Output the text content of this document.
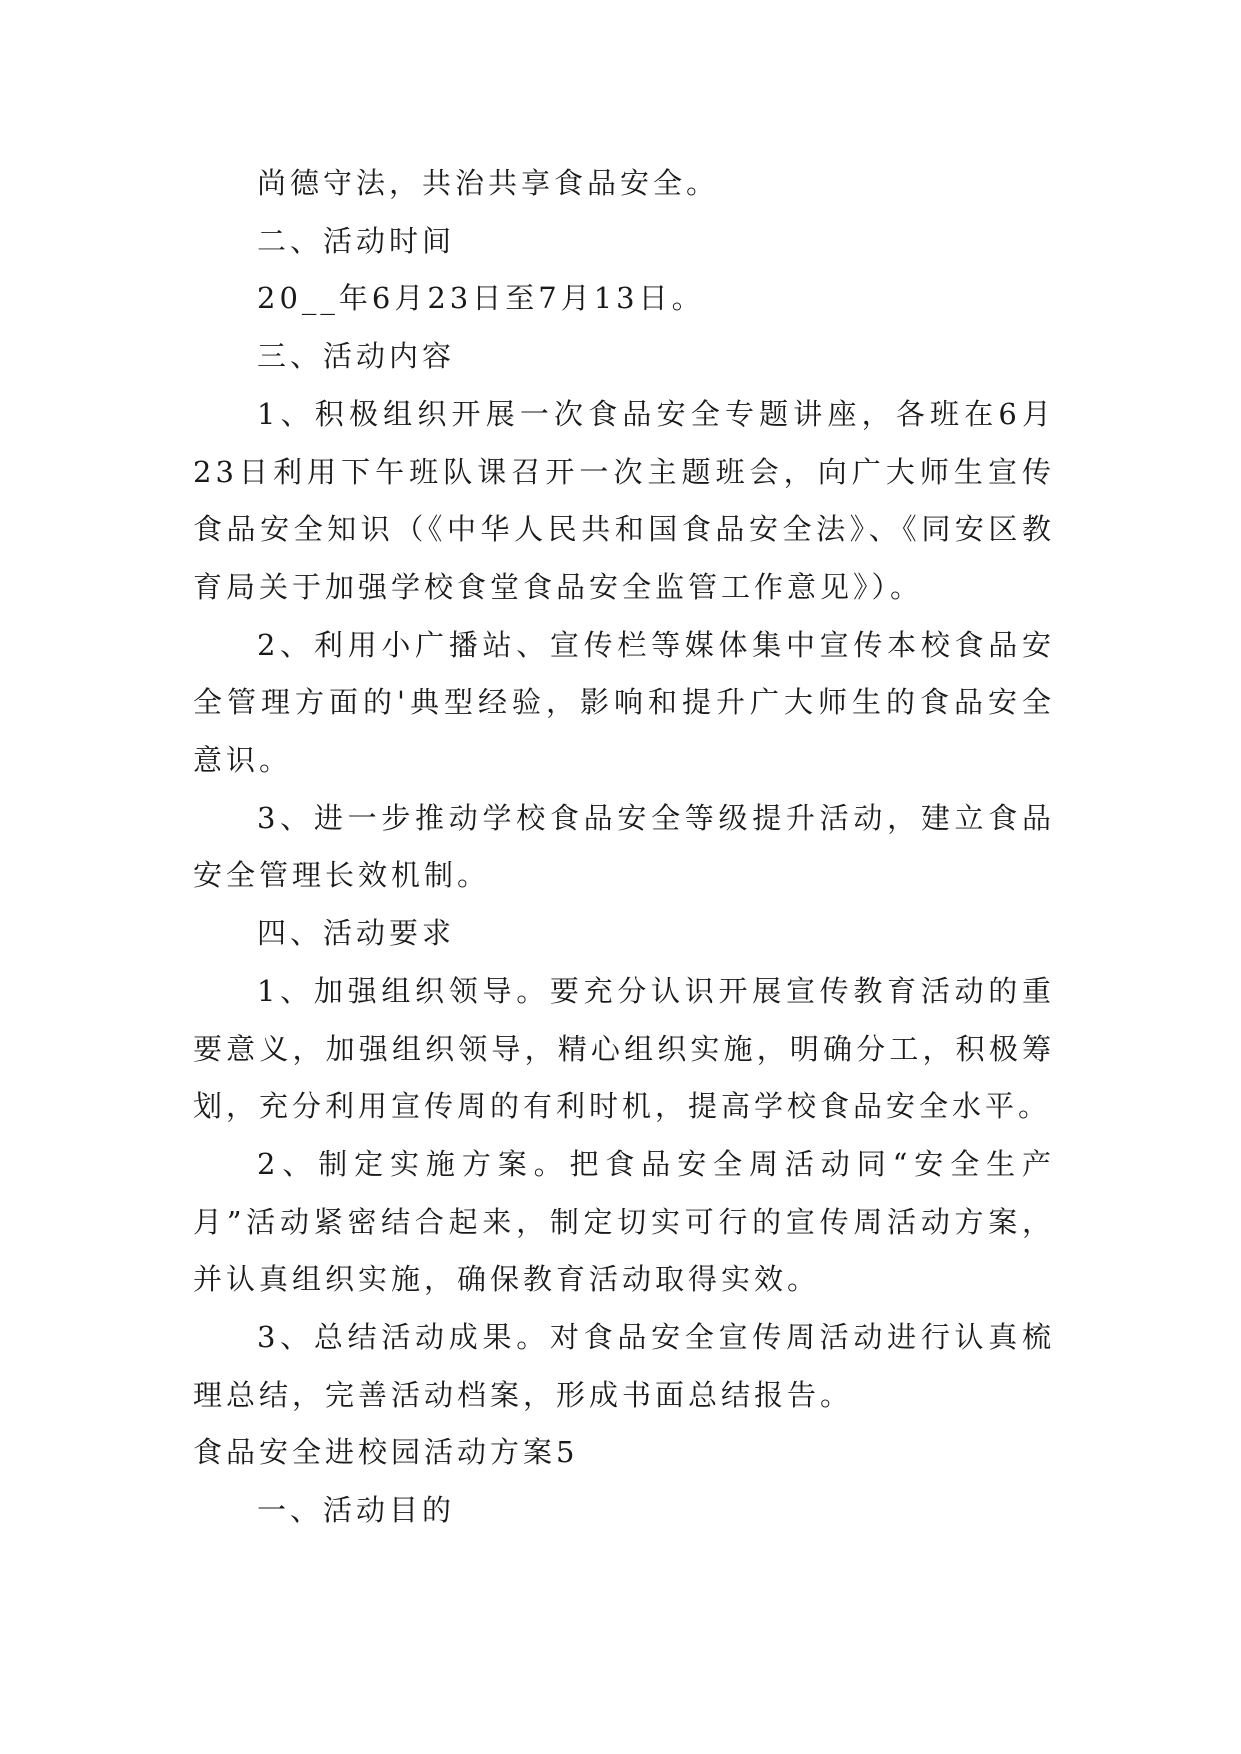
尚德守法，共治共享食品安全。

二、活动时间

20__年6月23日至7月13日。

三、活动内容

1、积极组织开展一次食品安全专题讲座，各班在6月23日利用下午班队课召开一次主题班会，向广大师生宣传食品安全知识（《中华人民共和国食品安全法》、《同安区教育局关于加强学校食堂食品安全监管工作意见》）。

2、利用小广播站、宣传栏等媒体集中宣传本校食品安全管理方面的'典型经验，影响和提升广大师生的食品安全意识。

3、进一步推动学校食品安全等级提升活动，建立食品安全管理长效机制。

四、活动要求

1、加强组织领导。要充分认识开展宣传教育活动的重要意义，加强组织领导，精心组织实施，明确分工，积极筹划，充分利用宣传周的有利时机，提高学校食品安全水平。

2、制定实施方案。把食品安全周活动同“安全生产月”活动紧密结合起来，制定切实可行的宣传周活动方案，并认真组织实施，确保教育活动取得实效。

3、总结活动成果。对食品安全宣传周活动进行认真梳理总结，完善活动档案，形成书面总结报告。

食品安全进校园活动方案5

一、活动目的
